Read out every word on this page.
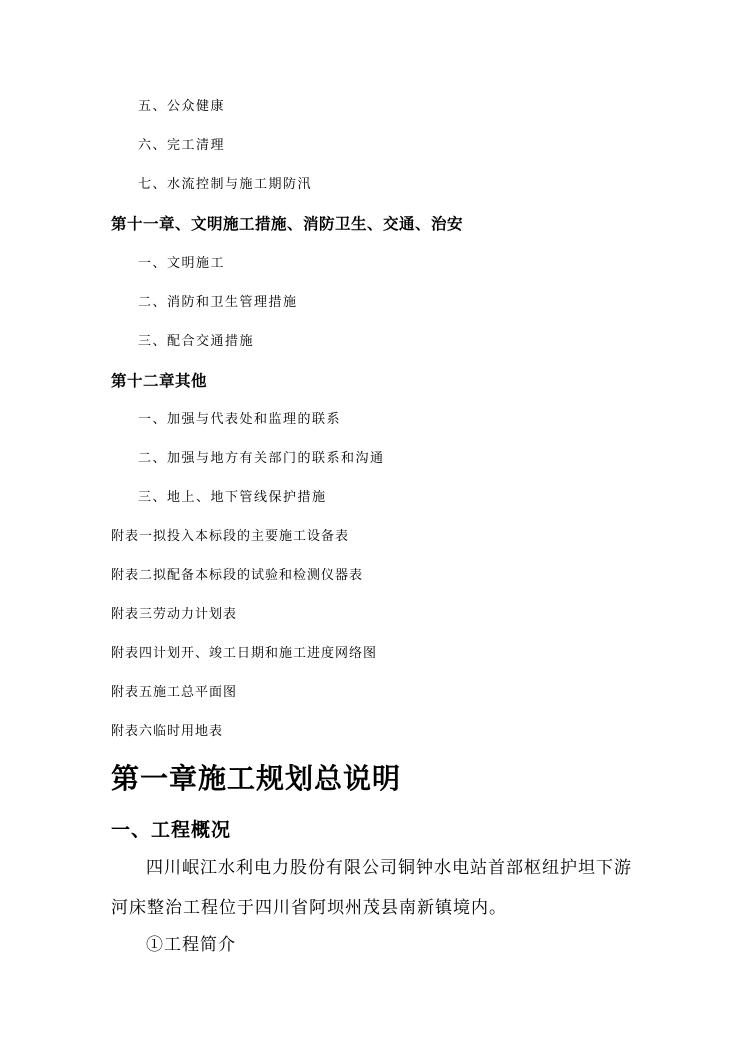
五、公众健康
六、完工清理
七、水流控制与施工期防汛
第十一章、文明施工措施、消防卫生、交通、治安
一、文明施工
二、消防和卫生管理措施
三、配合交通措施
第十二章其他
一、加强与代表处和监理的联系
二、加强与地方有关部门的联系和沟通
三、地上、地下管线保护措施
附表一拟投入本标段的主要施工设备表
附表二拟配备本标段的试验和检测仪器表
附表三劳动力计划表
附表四计划开、竣工日期和施工进度网络图
附表五施工总平面图
附表六临时用地表
第一章施工规划总说明
一、工程概况
四川岷江水利电力股份有限公司铜钟水电站首部枢纽护坦下游
河床整治工程位于四川省阿坝州茂县南新镇境内。
①工程简介
